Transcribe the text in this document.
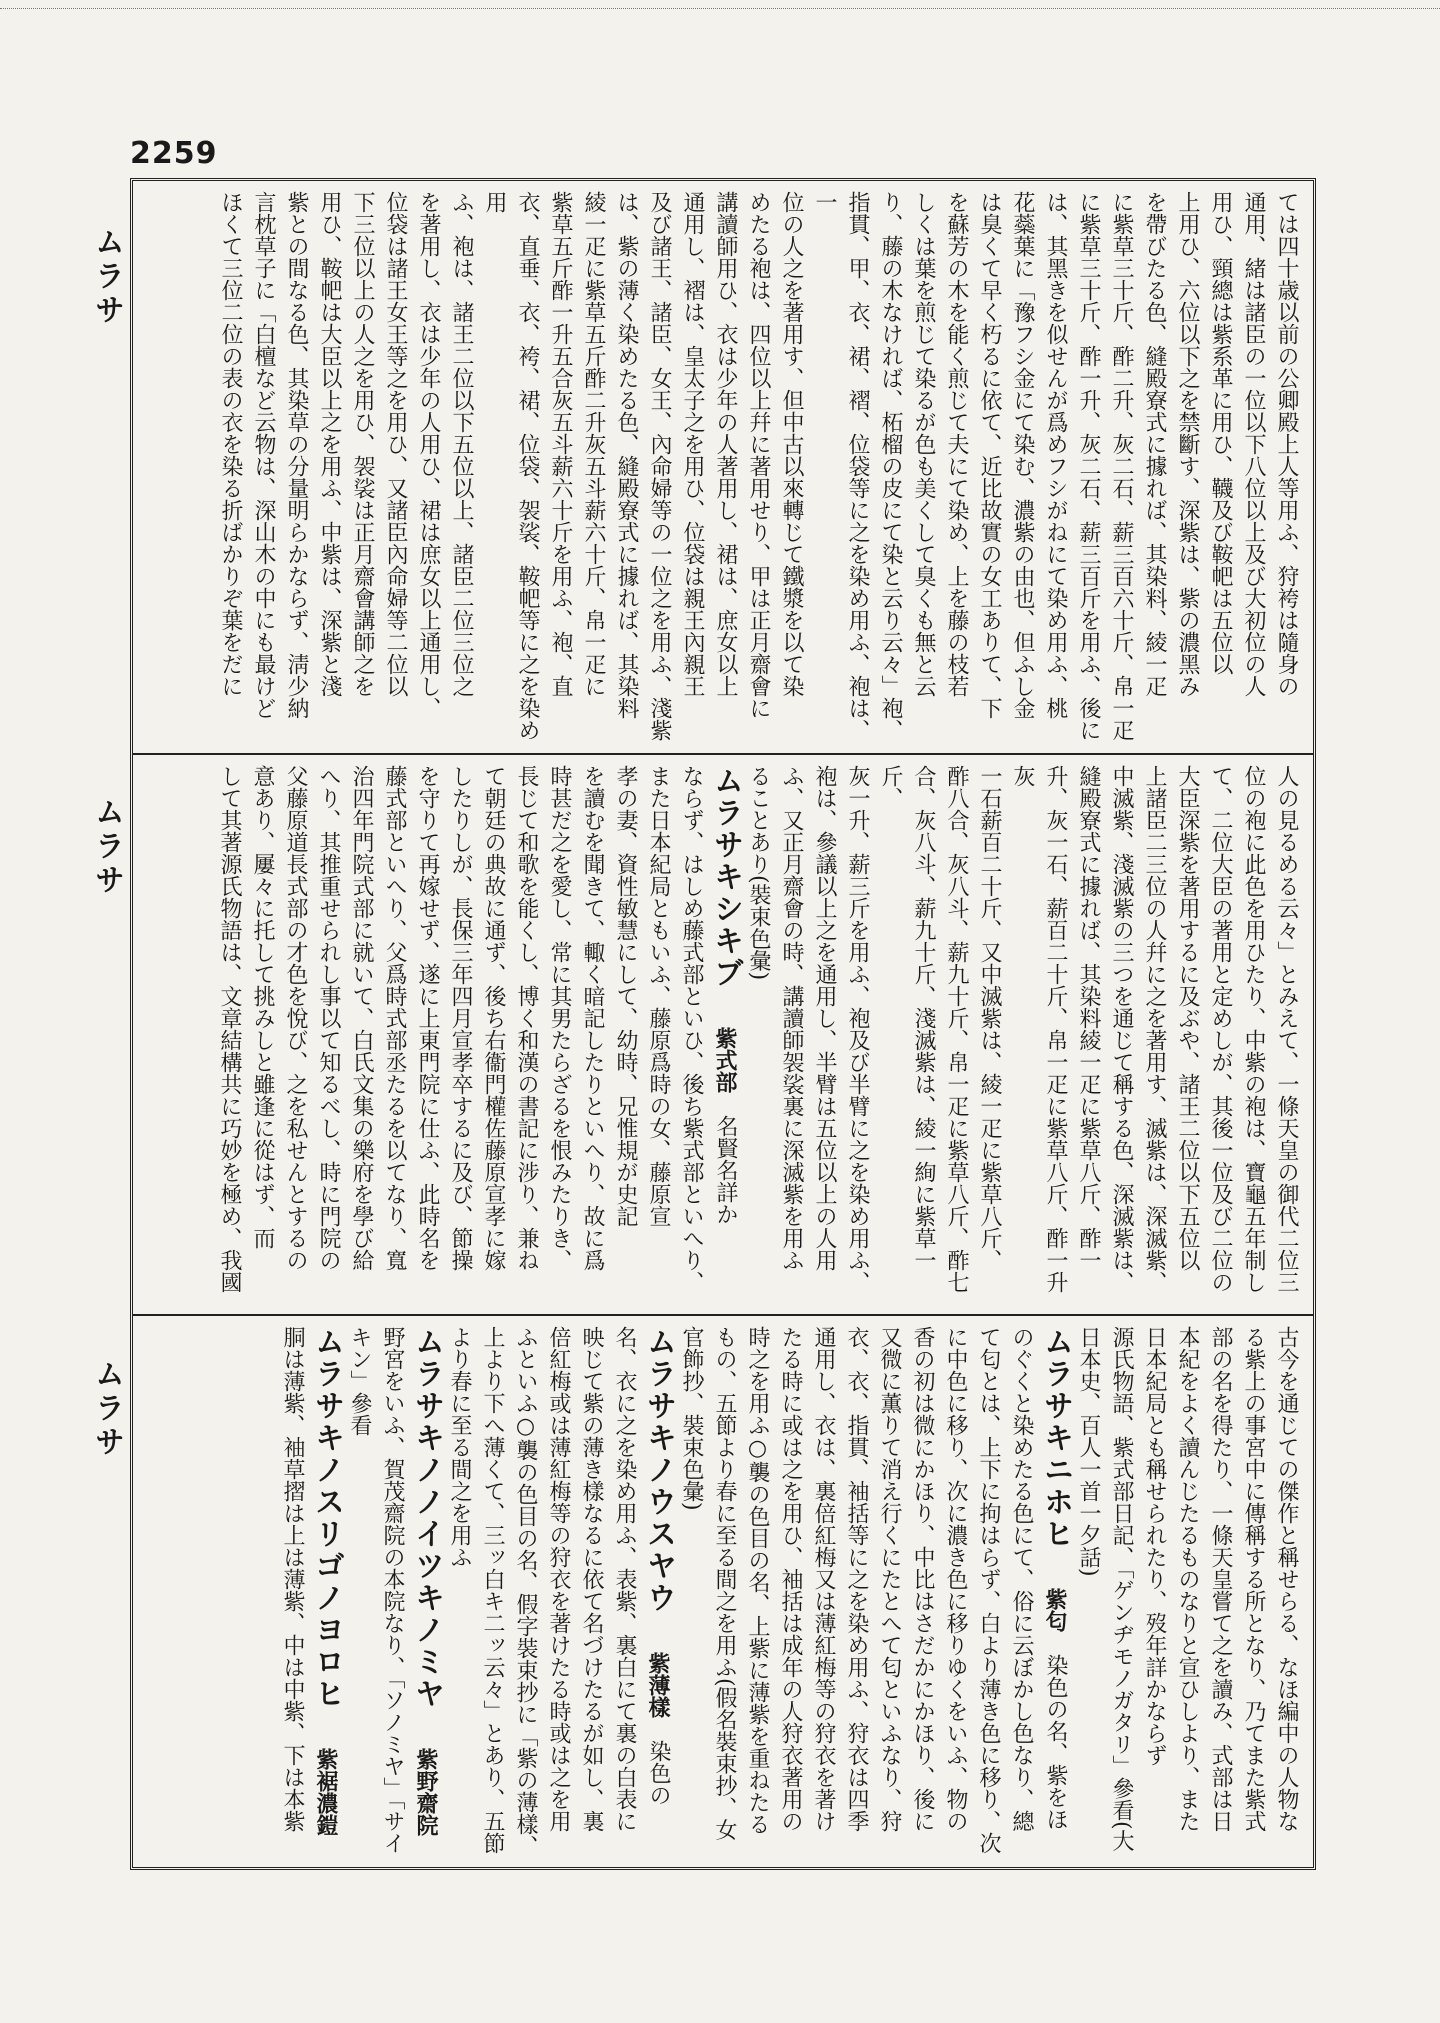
2259
ムラサ
ムラサ
ムラサ
ては四十歳以前の公卿殿上人等用ふ、狩袴は隨身の
通用、緒は諸臣の一位以下八位以上及び大初位の人
用ひ、頸總は紫系革に用ひ、韈及び鞍帊は五位以
上用ひ、六位以下之を禁斷す、深紫は、紫の濃黑み
を帶びたる色、縫殿寮式に據れば、其染料、綾一疋
に紫草三十斤、酢二升、灰二石、薪三百六十斤、帛一疋
に紫草三十斤、酢一升、灰二石、薪三百斤を用ふ、後に
は、其黑きを似せんが爲めフシがねにて染め用ふ、桃
花蘂葉に「豫フシ金にて染む、濃紫の由也、但ふし金
は臭くて早く朽るに依て、近比故實の女工ありて、下
を蘇芳の木を能く煎じて夫にて染め、上を藤の枝若
しくは葉を煎じて染るが色も美くして臭くも無と云
り、藤の木なければ、柘榴の皮にて染と云り云々」袍、
指貫、甲、衣、裙、褶、位袋等に之を染め用ふ、袍は、一
位の人之を著用す、但中古以來轉じて鐵漿を以て染
めたる袍は、四位以上幷に著用せり、甲は正月齋會に
講讀師用ひ、衣は少年の人著用し、裙は、庶女以上
通用し、褶は、皇太子之を用ひ、位袋は親王內親王
及び諸王、諸臣、女王、內命婦等の一位之を用ふ、淺紫
は、紫の薄く染めたる色、縫殿寮式に據れば、其染料
綾一疋に紫草五斤酢二升灰五斗薪六十斤、帛一疋に
紫草五斤酢一升五合灰五斗薪六十斤を用ふ、袍、直
衣、直垂、衣、袴、裙、位袋、袈裟、鞍帊等に之を染め用
ふ、袍は、諸王二位以下五位以上、諸臣二位三位之
を著用し、衣は少年の人用ひ、裙は庶女以上通用し、
位袋は諸王女王等之を用ひ、又諸臣內命婦等二位以
下三位以上の人之を用ひ、袈裟は正月齋會講師之を
用ひ、鞍帊は大臣以上之を用ふ、中紫は、深紫と淺
紫との間なる色、其染草の分量明らかならず、淸少納
言枕草子に「白檀など云物は、深山木の中にも最けど
ほくて三位二位の表の衣を染る折ばかりぞ葉をだに
人の見るめる云々」とみえて、一條天皇の御代二位三
位の袍に此色を用ひたり、中紫の袍は、寶龜五年制し
て、二位大臣の著用と定めしが、其後一位及び二位の
大臣深紫を著用するに及ぶや、諸王二位以下五位以
上諸臣二三位の人幷に之を著用す、滅紫は、深滅紫、
中滅紫、淺滅紫の三つを通じて稱する色、深滅紫は、
縫殿寮式に據れば、其染料綾一疋に紫草八斤、酢一
升、灰一石、薪百二十斤、帛一疋に紫草八斤、酢一升灰
一石薪百二十斤、又中滅紫は、綾一疋に紫草八斤、
酢八合、灰八斗、薪九十斤、帛一疋に紫草八斤、酢七
合、灰八斗、薪九十斤、淺滅紫は、綾一絢に紫草一斤、
灰一升、薪三斤を用ふ、袍及び半臂に之を染め用ふ、
袍は、參議以上之を通用し、半臂は五位以上の人用
ふ、又正月齋會の時、講讀師袈裟裏に深滅紫を用ふ
ることあり(裝束色彙)
ムラサキシキブ　紫式部　名賢名詳か
ならず、はしめ藤式部といひ、後ち紫式部といへり、
また日本紀局ともいふ、藤原爲時の女、藤原宣
孝の妻、資性敏慧にして、幼時、兄惟規が史記
を讀むを聞きて、輙く暗記したりといへり、故に爲
時甚だ之を愛し、常に其男たらざるを恨みたりき、
長じて和歌を能くし、博く和漢の書記に涉り、兼ね
て朝廷の典故に通ず、後ち右衞門權佐藤原宣孝に嫁
したりしが、長保三年四月宣孝卒するに及び、節操
を守りて再嫁せず、遂に上東門院に仕ふ、此時名を
藤式部といへり、父爲時式部丞たるを以てなり、寬
治四年門院式部に就いて、白氏文集の樂府を學び給
へり、其推重せられし事以て知るべし、時に門院の
父藤原道長式部の才色を悅び、之を私せんとするの
意あり、屢々に托して挑みしと雖逢に從はず、而
して其著源氏物語は、文章結構共に巧妙を極め、我國
古今を通じての傑作と稱せらる、なほ編中の人物な
る紫上の事宮中に傳稱する所となり、乃てまた紫式
部の名を得たり、一條天皇嘗て之を讀み、式部は日
本紀をよく讀んじたるものなりと宣ひしより、また
日本紀局とも稱せられたり、歿年詳かならず
源氏物語、紫式部日記、「ゲンヂモノガタリ」參看(大
日本史、百人一首一夕話)
ムラサキニホヒ　紫匂　染色の名、紫をほ
のぐくと染めたる色にて、俗に云ぼかし色なり、總
て匂とは、上下に拘はらず、白より薄き色に移り、次
に中色に移り、次に濃き色に移りゆくをいふ、物の
香の初は微にかほり、中比はさだかにかほり、後に
又微に薫りて消え行くにたとへて匂といふなり、狩
衣、衣、指貫、袖括等に之を染め用ふ、狩衣は四季
通用し、衣は、裏倍紅梅又は薄紅梅等の狩衣を著け
たる時に或は之を用ひ、袖括は成年の人狩衣著用の
時之を用ふ○襲の色目の名、上紫に薄紫を重ねたる
もの、五節より春に至る間之を用ふ(假名裝束抄、女
官飾抄、裝束色彙)
ムラサキノウスヤウ　紫薄樣　染色の
名、衣に之を染め用ふ、表紫、裏白にて裏の白表に
映じて紫の薄き樣なるに依て名づけたるが如し、裏
倍紅梅或は薄紅梅等の狩衣を著けたる時或は之を用
ふといふ○襲の色目の名、假字裝束抄に「紫の薄樣、
上より下へ薄くて、三ッ白キ二ッ云々」とあり、五節
より春に至る間之を用ふ
ムラサキノノイツキノミヤ　紫野齋院
野宮をいふ、賀茂齋院の本院なり、「ソノミヤ」「サイ
キン」參看
ムラサキノスリゴノヨロヒ　紫裾濃鎧
胴は薄紫、袖草摺は上は薄紫、中は中紫、下は本紫
